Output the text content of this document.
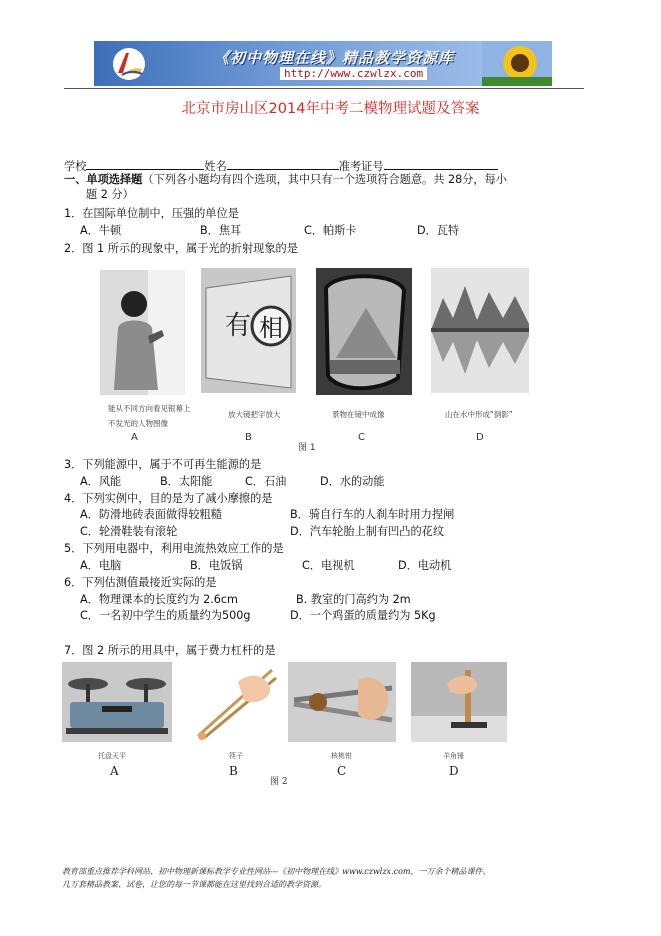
《初中物理在线》精品教学资源库
http://www.czwlzx.com
北京市房山区2014年中考二模物理试题及答案
学校	姓名	准考证号
一、单项选择题（下列各小题均有四个选项，其中只有一个选项符合题意。共 28分，每小
题 2 分）
1．在国际单位制中，压强的单位是
A．牛顿	B．焦耳	C．帕斯卡	D．瓦特
2．图 1 所示的现象中，属于光的折射现象的是
能从不同方向看见银幕上
不发光的人物图像
A
有 相
放大镜把字放大
B
景物在镜中成像
C
山在水中形成“倒影”
D
图 1
3．下列能源中，属于不可再生能源的是
A．风能	B．太阳能	C．石油	D．水的动能
4．下列实例中，目的是为了减小摩擦的是
A．防滑地砖表面做得较粗糙	B．骑自行车的人刹车时用力捏闸
C．轮滑鞋装有滚轮	D．汽车轮胎上制有凹凸的花纹
5．下列用电器中，利用电流热效应工作的是
A．电脑	B．电饭锅	C．电视机	D．电动机
6．下列估测值最接近实际的是
A．物理课本的长度约为 2.6cm	B. 教室的门高约为 2m
C．一名初中学生的质量约为500g	D．一个鸡蛋的质量约为 5Kg
7．图 2 所示的用具中，属于费力杠杆的是
托盘天平
A
筷子
B
核桃钳
C
羊角锤
D
图 2
教育部重点推荐学科网站、初中物理新课标教学专业性网站---《初中物理在线》www.czwlzx.com，一万余个精品课件、
几万套精品教案、试卷，让您的每一节课都能在这里找到合适的教学资源。
